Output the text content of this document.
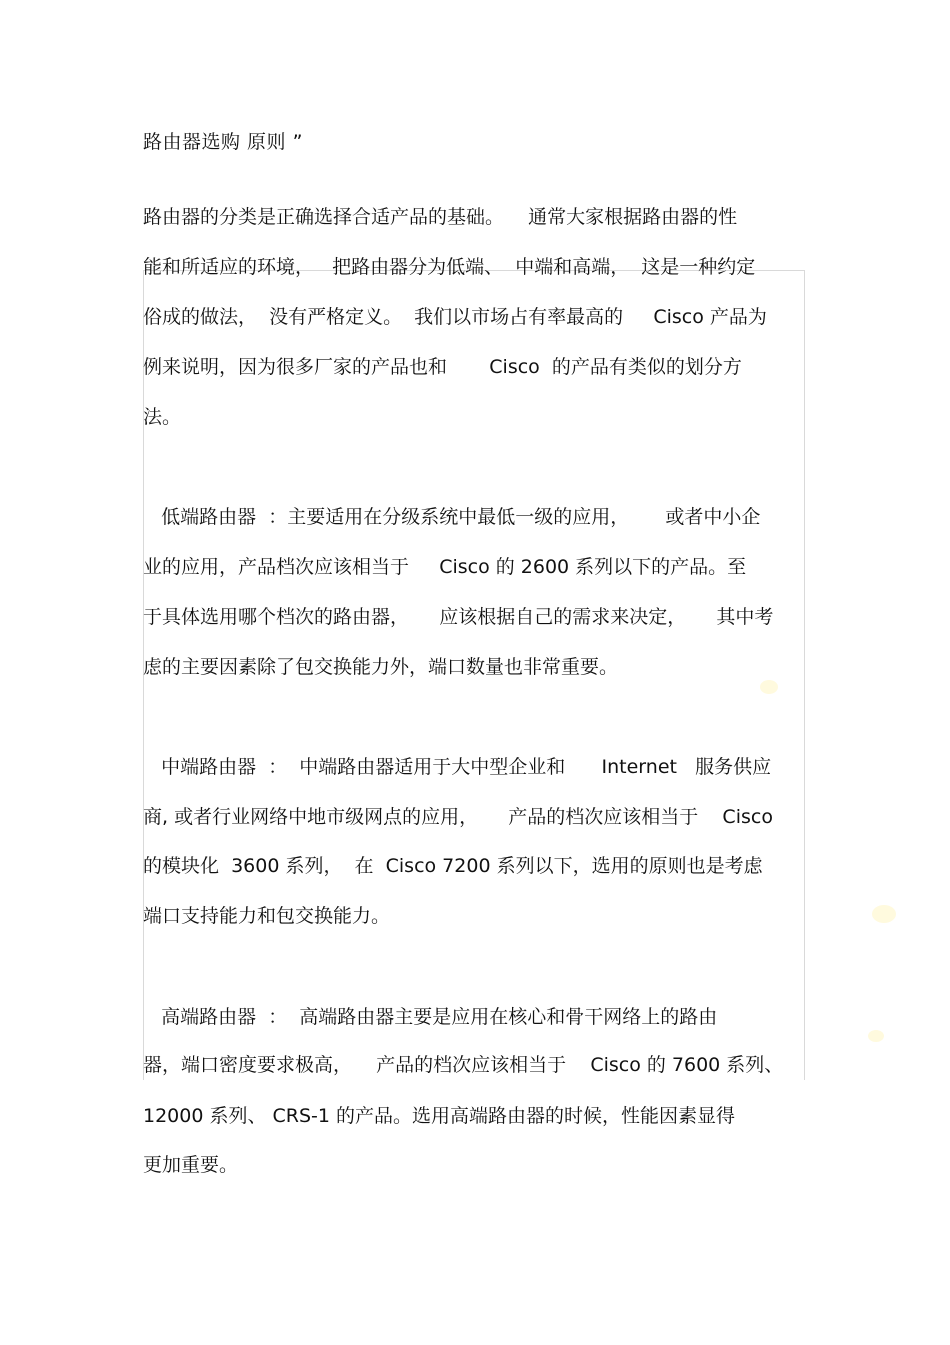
路由器选购 原则 ”
路由器的分类是正确选择合适产品的基础。    通常大家根据路由器的性
能和所适应的环境，   把路由器分为低端、  中端和高端，  这是一种约定
俗成的做法，  没有严格定义。  我们以市场占有率最高的     Cisco 产品为
例来说明，因为很多厂家的产品也和       Cisco  的产品有类似的划分方
法。
低端路由器  ：主要适用在分级系统中最低一级的应用，      或者中小企
业的应用，产品档次应该相当于     Cisco 的 2600 系列以下的产品。至
于具体选用哪个档次的路由器，     应该根据自己的需求来决定，     其中考
虑的主要因素除了包交换能力外，端口数量也非常重要。
中端路由器  ：  中端路由器适用于大中型企业和      Internet   服务供应
商, 或者行业网络中地市级网点的应用，     产品的档次应该相当于    Cisco
的模块化  3600 系列，  在  Cisco 7200 系列以下，选用的原则也是考虑
端口支持能力和包交换能力。
高端路由器  ：  高端路由器主要是应用在核心和骨干网络上的路由
器，端口密度要求极高，    产品的档次应该相当于    Cisco 的 7600 系列、
12000 系列、 CRS-1 的产品。选用高端路由器的时候，性能因素显得
更加重要。
